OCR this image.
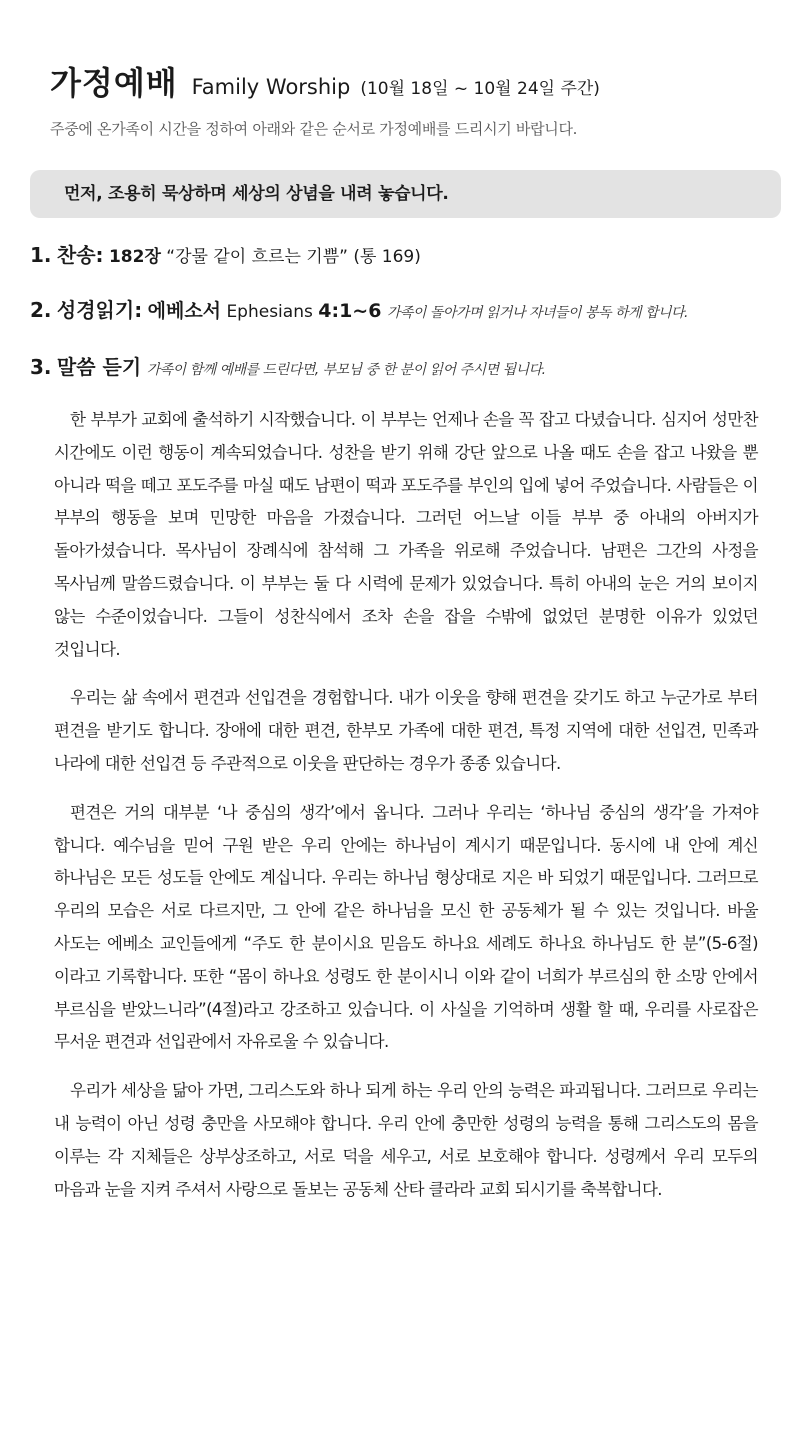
가정예배 Family Worship (10월 18일 ~ 10월 24일 주간)
주중에 온가족이 시간을 정하여 아래와 같은 순서로 가정예배를 드리시기 바랍니다.
먼저, 조용히 묵상하며 세상의 상념을 내려 놓습니다.
1. 찬송: 182장 “강물 같이 흐르는 기쁨” (통 169)
2. 성경읽기: 에베소서 Ephesians 4:1~6 가족이 돌아가며 읽거나 자녀들이 봉독 하게 합니다.
3. 말씀 듣기 가족이 함께 예배를 드린다면, 부모님 중 한 분이 읽어 주시면 됩니다.

한 부부가 교회에 출석하기 시작했습니다. 이 부부는 언제나 손을 꼭 잡고 다녔습니다. 심지어 성만찬 시간에도 이런 행동이 계속되었습니다. 성찬을 받기 위해 강단 앞으로 나올 때도 손을 잡고 나왔을 뿐 아니라 떡을 떼고 포도주를 마실 때도 남편이 떡과 포도주를 부인의 입에 넣어 주었습니다. 사람들은 이 부부의 행동을 보며 민망한 마음을 가졌습니다. 그러던 어느날 이들 부부 중 아내의 아버지가 돌아가셨습니다. 목사님이 장례식에 참석해 그 가족을 위로해 주었습니다. 남편은 그간의 사정을 목사님께 말씀드렸습니다. 이 부부는 둘 다 시력에 문제가 있었습니다. 특히 아내의 눈은 거의 보이지 않는 수준이었습니다. 그들이 성찬식에서 조차 손을 잡을 수밖에 없었던 분명한 이유가 있었던 것입니다.

우리는 삶 속에서 편견과 선입견을 경험합니다. 내가 이웃을 향해 편견을 갖기도 하고 누군가로 부터 편견을 받기도 합니다. 장애에 대한 편견, 한부모 가족에 대한 편견, 특정 지역에 대한 선입견, 민족과 나라에 대한 선입견 등 주관적으로 이웃을 판단하는 경우가 종종 있습니다.

편견은 거의 대부분 ‘나 중심의 생각’에서 옵니다. 그러나 우리는 ‘하나님 중심의 생각’을 가져야 합니다. 예수님을 믿어 구원 받은 우리 안에는 하나님이 계시기 때문입니다. 동시에 내 안에 계신 하나님은 모든 성도들 안에도 계십니다. 우리는 하나님 형상대로 지은 바 되었기 때문입니다. 그러므로 우리의 모습은 서로 다르지만, 그 안에 같은 하나님을 모신 한 공동체가 될 수 있는 것입니다. 바울 사도는 에베소 교인들에게 “주도 한 분이시요 믿음도 하나요 세례도 하나요 하나님도 한 분”(5-6절)이라고 기록합니다. 또한 “몸이 하나요 성령도 한 분이시니 이와 같이 너희가 부르심의 한 소망 안에서 부르심을 받았느니라”(4절)라고 강조하고 있습니다. 이 사실을 기억하며 생활 할 때, 우리를 사로잡은 무서운 편견과 선입관에서 자유로울 수 있습니다.

우리가 세상을 닮아 가면, 그리스도와 하나 되게 하는 우리 안의 능력은 파괴됩니다. 그러므로 우리는 내 능력이 아닌 성령 충만을 사모해야 합니다. 우리 안에 충만한 성령의 능력을 통해 그리스도의 몸을 이루는 각 지체들은 상부상조하고, 서로 덕을 세우고, 서로 보호해야 합니다. 성령께서 우리 모두의 마음과 눈을 지켜 주셔서 사랑으로 돌보는 공동체 산타 클라라 교회 되시기를 축복합니다.
